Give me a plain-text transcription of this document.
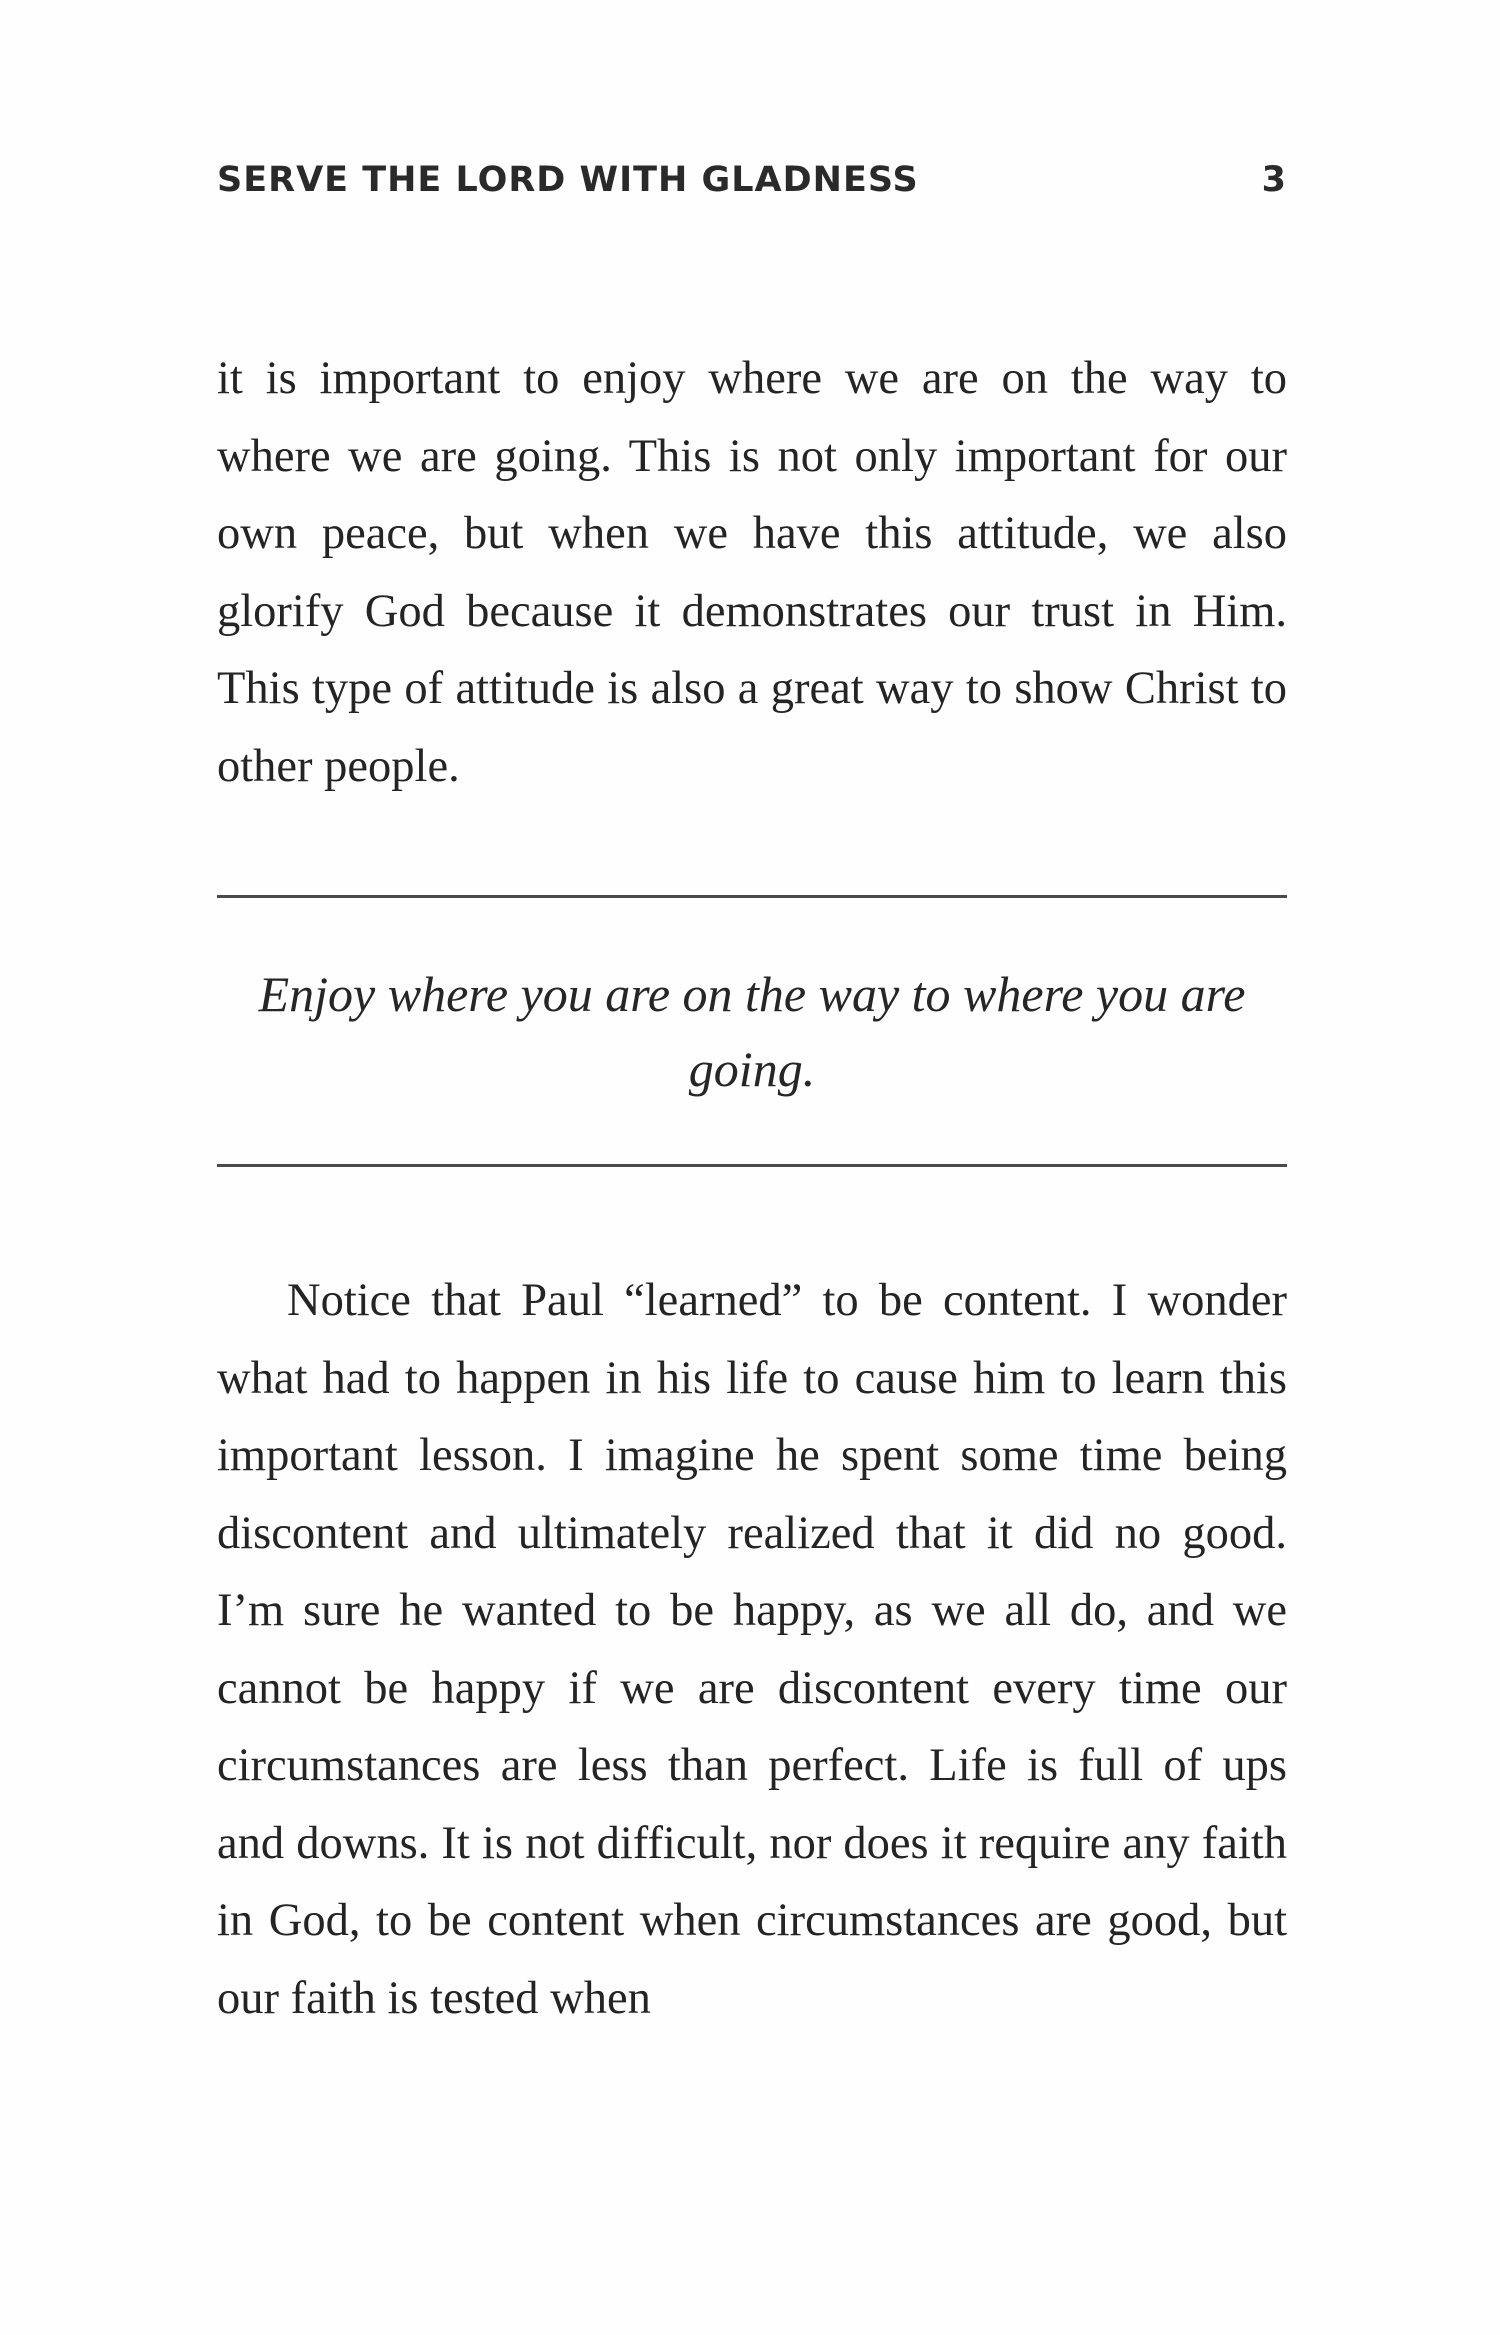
SERVE THE LORD WITH GLADNESS	3

it is important to enjoy where we are on the way to where we are going. This is not only important for our own peace, but when we have this attitude, we also glorify God because it demonstrates our trust in Him. This type of attitude is also a great way to show Christ to other people.

Enjoy where you are on the way to where you are going.

Notice that Paul “learned” to be content. I wonder what had to happen in his life to cause him to learn this important lesson. I imagine he spent some time being discontent and ultimately realized that it did no good. I’m sure he wanted to be happy, as we all do, and we cannot be happy if we are discontent every time our circumstances are less than perfect. Life is full of ups and downs. It is not difficult, nor does it require any faith in God, to be content when circumstances are good, but our faith is tested when
